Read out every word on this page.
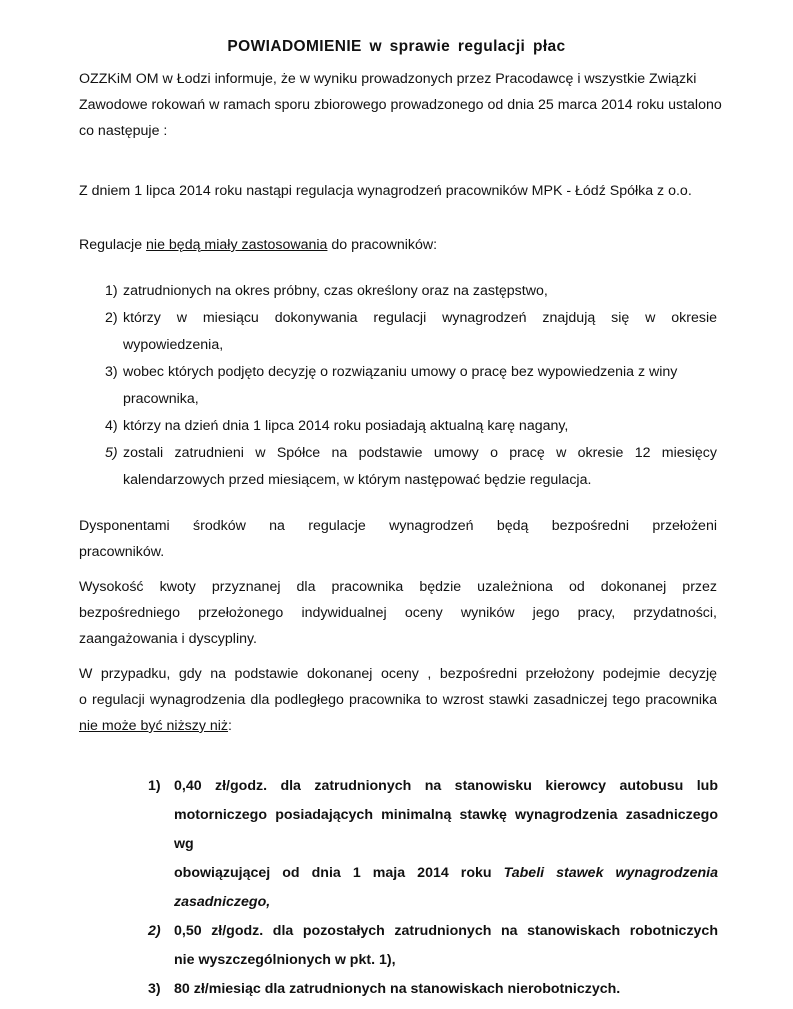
POWIADOMIENIE w sprawie regulacji płac

OZZKiM OM w Łodzi informuje, że w wyniku prowadzonych przez Pracodawcę i wszystkie Związki
Zawodowe rokowań w ramach sporu zbiorowego prowadzonego od dnia 25 marca 2014 roku ustalono
co następuje :

Z dniem 1 lipca 2014 roku nastąpi regulacja wynagrodzeń pracowników MPK - Łódź Spółka z o.o.

Regulacje nie będą miały zastosowania do pracowników:

1) zatrudnionych na okres próbny, czas określony oraz na zastępstwo,
2) którzy w miesiącu dokonywania regulacji wynagrodzeń znajdują się w okresie
wypowiedzenia,
3) wobec których podjęto decyzję o rozwiązaniu umowy o pracę bez wypowiedzenia z winy
pracownika,
4) którzy na dzień dnia 1 lipca 2014 roku posiadają aktualną karę nagany,
5) zostali zatrudnieni w Spółce na podstawie umowy o pracę w okresie 12 miesięcy
kalendarzowych przed miesiącem, w którym następować będzie regulacja.

Dysponentami środków na regulacje wynagrodzeń będą bezpośredni przełożeni
pracowników.

Wysokość kwoty przyznanej dla pracownika będzie uzależniona od dokonanej przez
bezpośredniego przełożonego indywidualnej oceny wyników jego pracy, przydatności,
zaangażowania i dyscypliny.

W przypadku, gdy na podstawie dokonanej oceny , bezpośredni przełożony podejmie decyzję
o regulacji wynagrodzenia dla podległego pracownika to wzrost stawki zasadniczej tego pracownika
nie może być niższy niż:

1) 0,40 zł/godz. dla zatrudnionych na stanowisku kierowcy autobusu lub
motorniczego posiadających minimalną stawkę wynagrodzenia zasadniczego wg
obowiązującej od dnia 1 maja 2014 roku Tabeli stawek wynagrodzenia
zasadniczego,
2) 0,50 zł/godz. dla pozostałych zatrudnionych na stanowiskach robotniczych
nie wyszczególnionych w pkt. 1),
3) 80 zł/miesiąc dla zatrudnionych na stanowiskach nierobotniczych.
